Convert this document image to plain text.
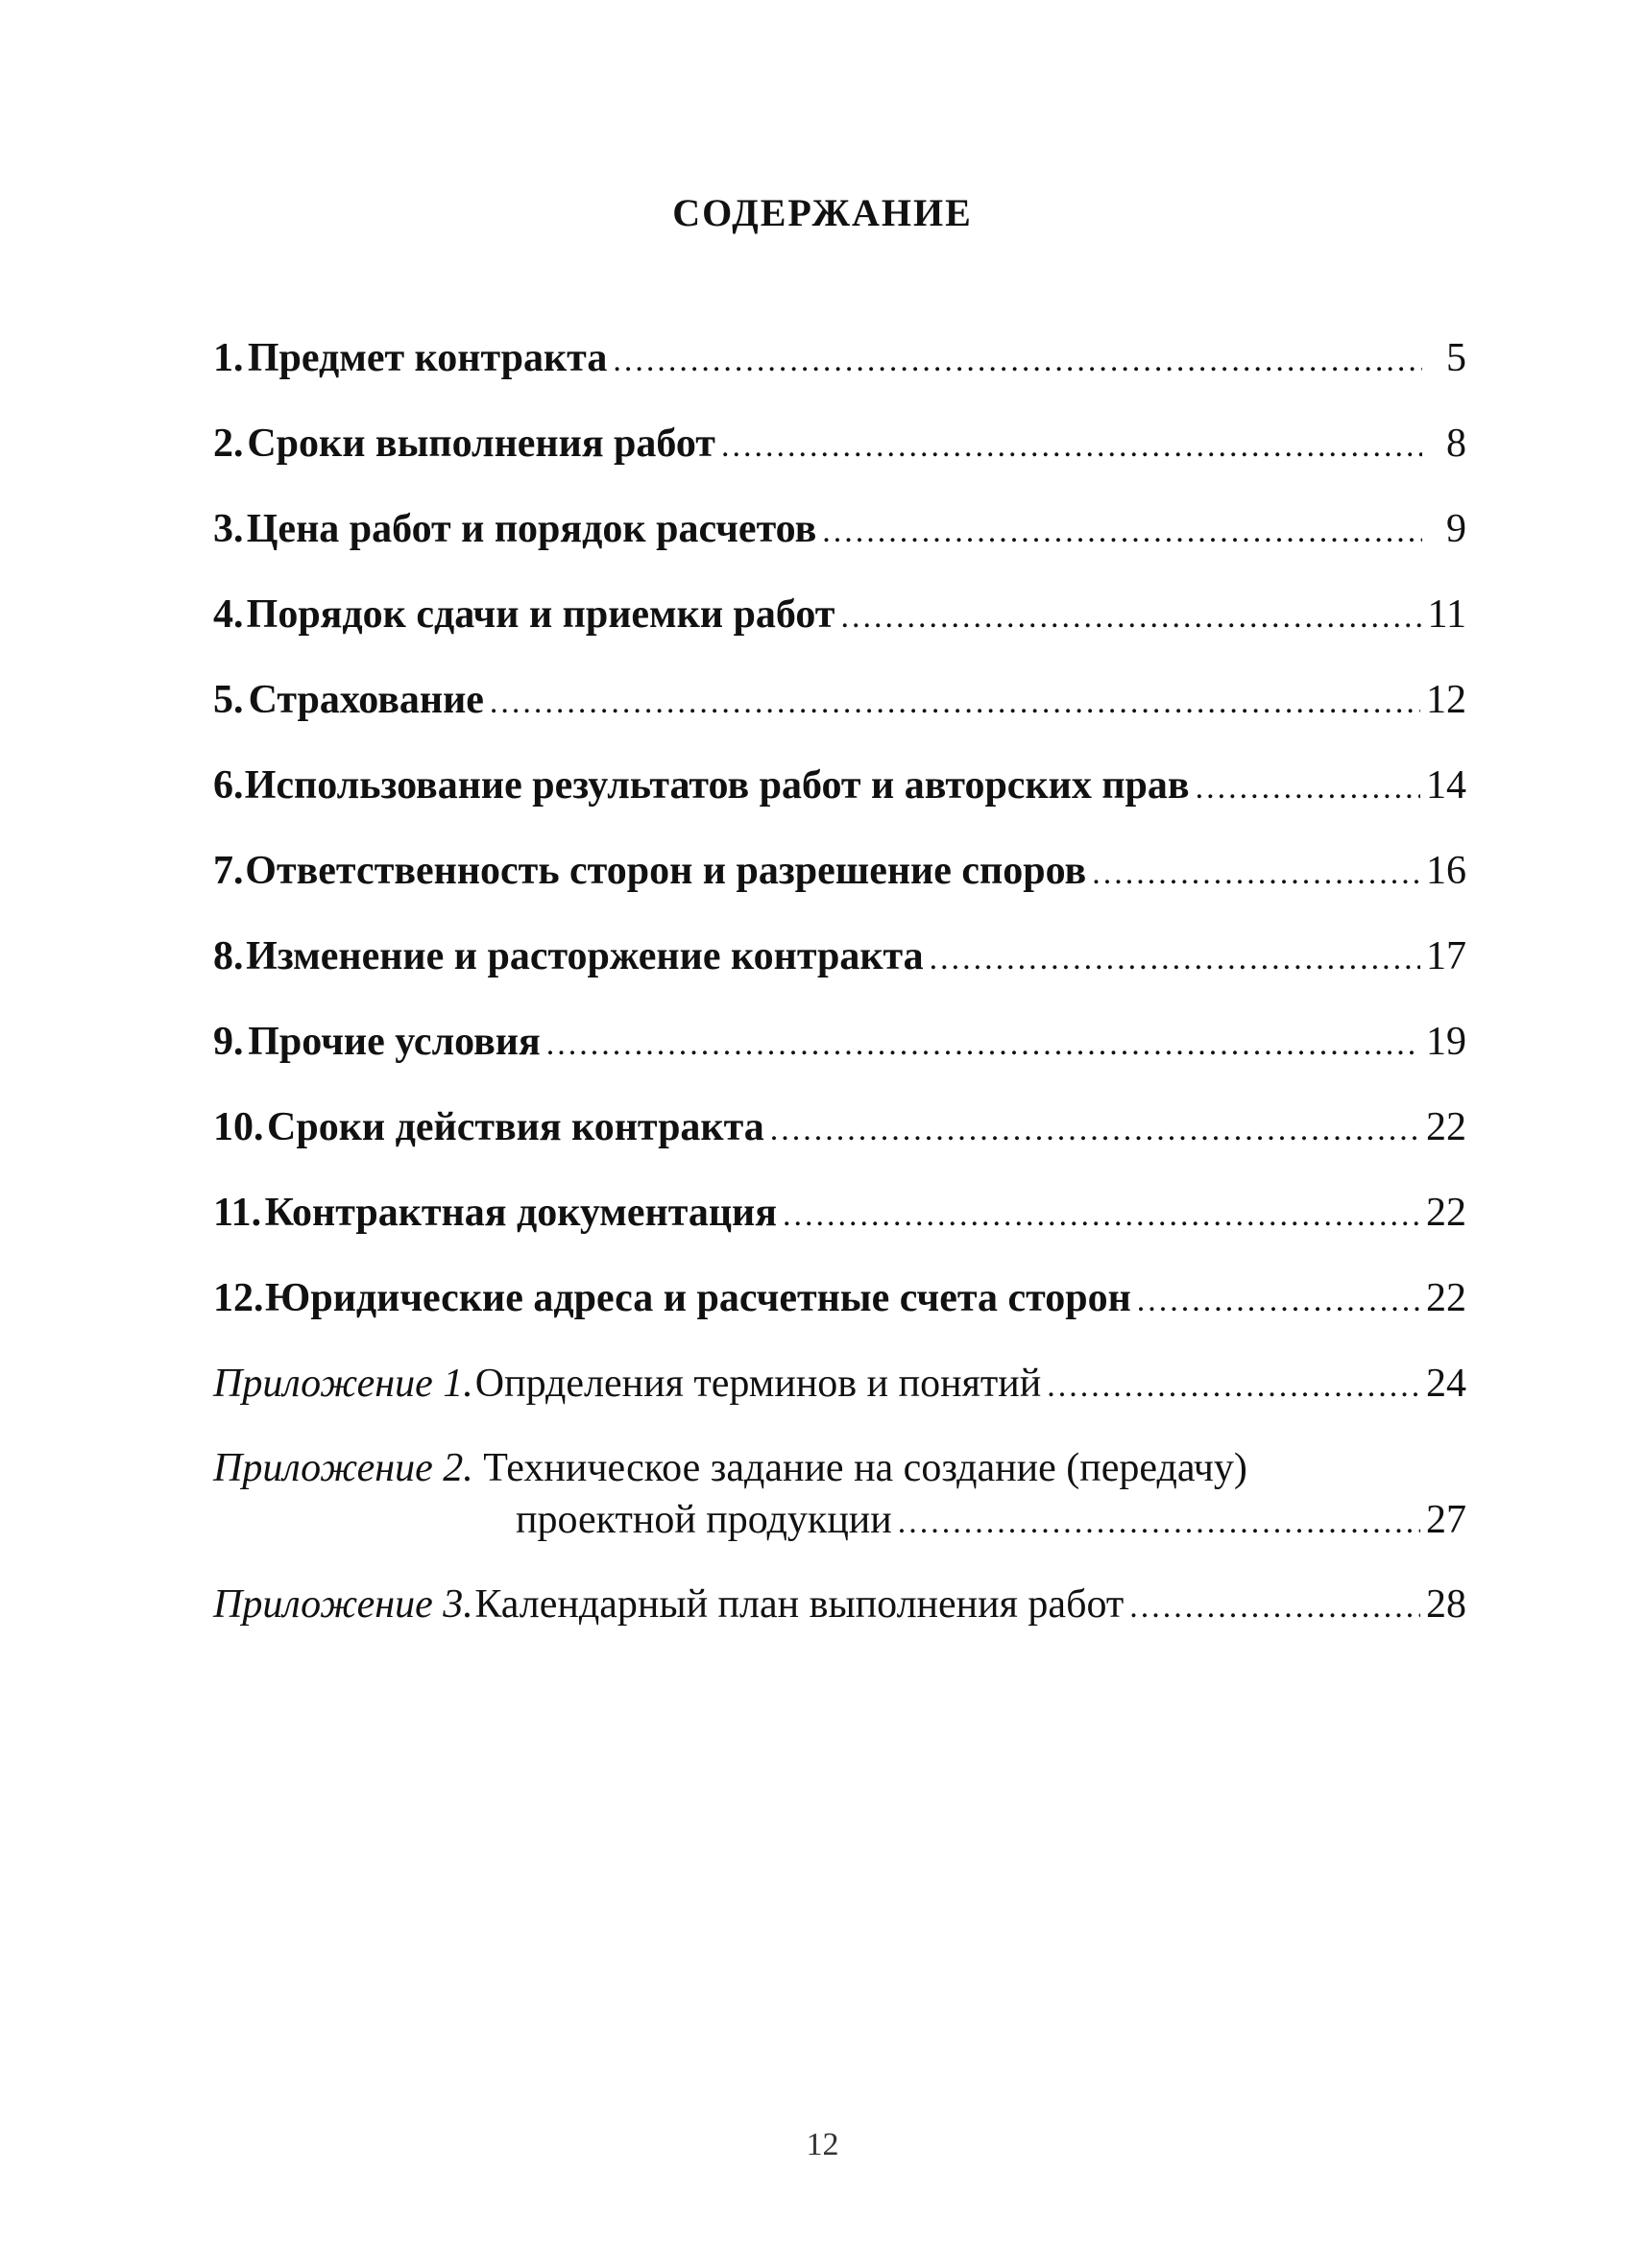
СОДЕРЖАНИЕ
1. Предмет контракта .....	5
2. Сроки выполнения работ .....	8
3. Цена работ и порядок расчетов .....	9
4. Порядок сдачи и приемки работ .....	11
5. Страхование .....	12
6. Использование результатов работ и авторских прав .....	14
7. Ответственность сторон и разрешение споров .....	16
8. Изменение и расторжение контракта .....	17
9. Прочие условия .....	19
10. Сроки действия контракта .....	22
11. Контрактная документация .....	22
12. Юридические адреса и расчетные счета сторон .....	22
Приложение 1. Опрделения терминов и понятий .....	24
Приложение 2. Техническое задание на создание (передачу)
проектной продукции .....	27
Приложение 3. Календарный план выполнения работ .....	28
12
